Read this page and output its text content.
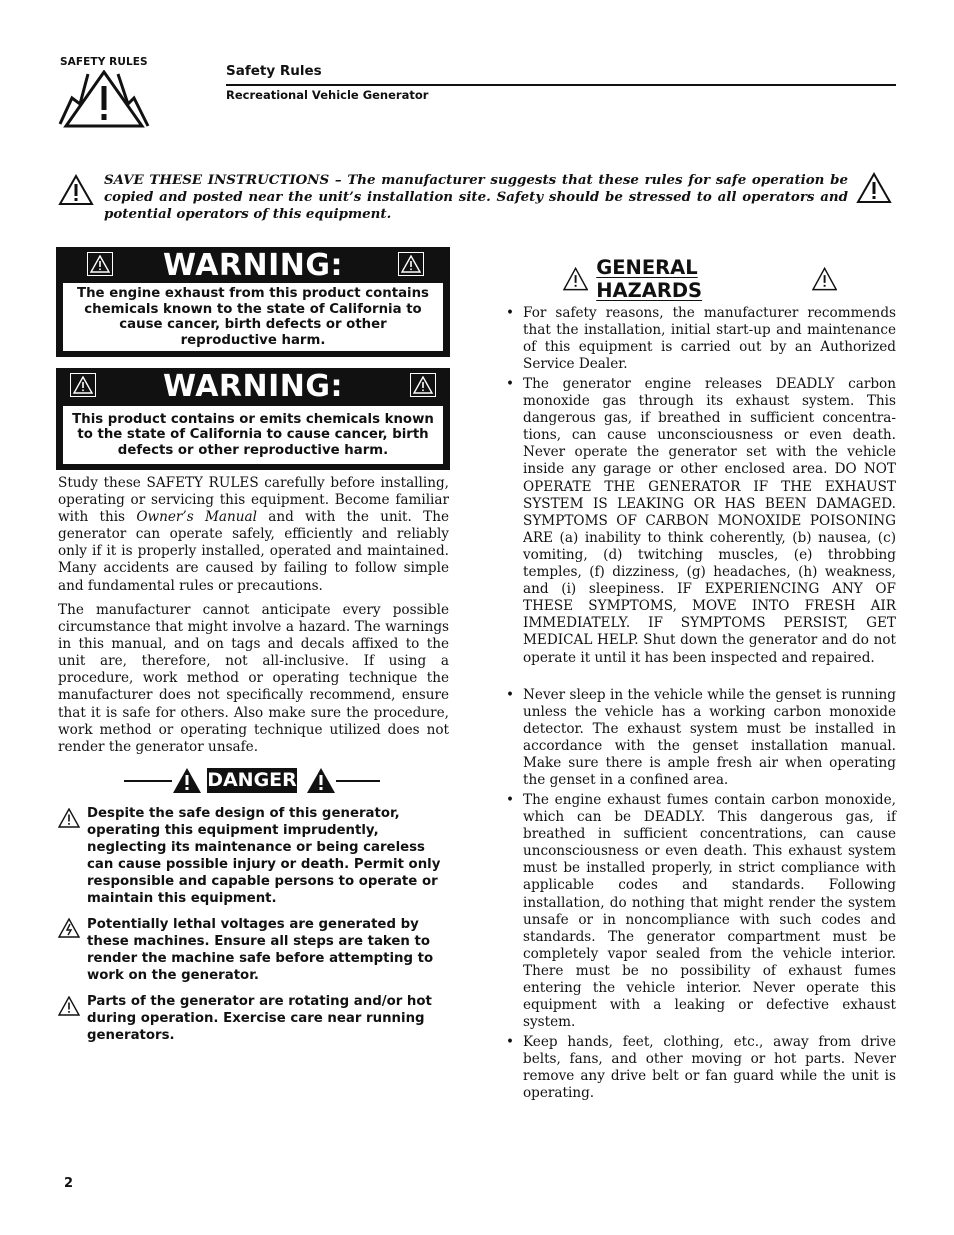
SAFETY RULES
Safety Rules
Recreational Vehicle Generator
SAVE THESE INSTRUCTIONS – The manufacturer suggests that these rules for safe operation be copied and posted near the unit’s installation site. Safety should be stressed to all operators and potential operators of this equipment.
WARNING:
The engine exhaust from this product contains chemicals known to the state of California to cause cancer, birth defects or other reproductive harm.
WARNING:
This product contains or emits chemicals known to the state of California to cause cancer, birth defects or other reproductive harm.
Study these SAFETY RULES carefully before installing, operating or servicing this equipment. Become familiar with this Owner’s Manual and with the unit. The generator can operate safely, efficiently and reliably only if it is properly installed, operated and maintained. Many accidents are caused by failing to follow simple and fundamental rules or precautions.
The manufacturer cannot anticipate every possible circumstance that might involve a hazard. The warnings in this manual, and on tags and decals affixed to the unit are, therefore, not all-inclusive. If using a procedure, work method or operating technique the manufacturer does not specifically recommend, ensure that it is safe for others. Also make sure the procedure, work method or operating technique utilized does not render the generator unsafe.
DANGER
Despite the safe design of this generator, operating this equipment imprudently, neglecting its maintenance or being careless can cause possible injury or death. Permit only responsible and capable persons to operate or maintain this equipment.
Potentially lethal voltages are generated by these machines. Ensure all steps are taken to render the machine safe before attempting to work on the generator.
Parts of the generator are rotating and/or hot during operation. Exercise care near running generators.
GENERAL HAZARDS
• For safety reasons, the manufacturer recommends that the installation, initial start-up and maintenance of this equipment is carried out by an Authorized Service Dealer.
• The generator engine releases DEADLY carbon monoxide gas through its exhaust system. This dangerous gas, if breathed in sufficient concentrations, can cause unconsciousness or even death. Never operate the generator set with the vehicle inside any garage or other enclosed area. DO NOT OPERATE THE GENERATOR IF THE EXHAUST SYSTEM IS LEAKING OR HAS BEEN DAMAGED. SYMPTOMS OF CARBON MONOXIDE POISONING ARE (a) inability to think coherently, (b) nausea, (c) vomiting, (d) twitching muscles, (e) throbbing temples, (f) dizziness, (g) headaches, (h) weakness, and (i) sleepiness. IF EXPERIENCING ANY OF THESE SYMPTOMS, MOVE INTO FRESH AIR IMMEDIATELY. IF SYMPTOMS PERSIST, GET MEDICAL HELP. Shut down the generator and do not operate it until it has been inspected and repaired.
• Never sleep in the vehicle while the genset is running unless the vehicle has a working carbon monoxide detector. The exhaust system must be installed in accordance with the genset installation manual. Make sure there is ample fresh air when operating the genset in a confined area.
• The engine exhaust fumes contain carbon monoxide, which can be DEADLY. This dangerous gas, if breathed in sufficient concentrations, can cause unconsciousness or even death. This exhaust system must be installed properly, in strict compliance with applicable codes and standards. Following installation, do nothing that might render the system unsafe or in noncompliance with such codes and standards. The generator compartment must be completely vapor sealed from the vehicle interior. There must be no possibility of exhaust fumes entering the vehicle interior. Never operate this equipment with a leaking or defective exhaust system.
• Keep hands, feet, clothing, etc., away from drive belts, fans, and other moving or hot parts. Never remove any drive belt or fan guard while the unit is operating.
2
